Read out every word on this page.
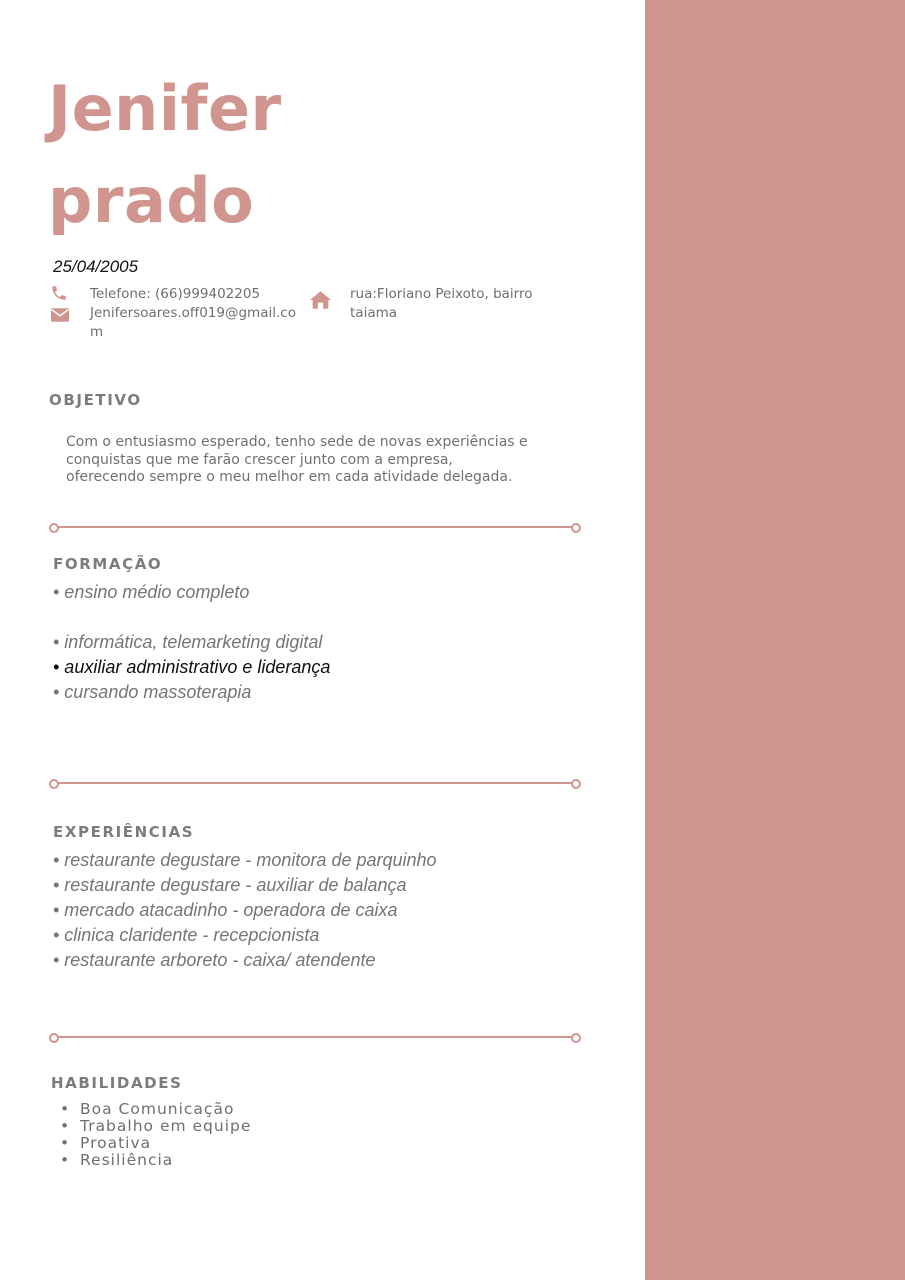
Jenifer
prado
25/04/2005
Telefone: (66)999402205
Jenifersoares.off019@gmail.com
rua:Floriano Peixoto, bairro taiama
OBJETIVO

Com o entusiasmo esperado, tenho sede de novas experiências e conquistas que me farão crescer junto com a empresa, oferecendo sempre o meu melhor em cada atividade delegada.

FORMAÇÃO
• ensino médio completo
• informática, telemarketing digital
• auxiliar administrativo e liderança
• cursando massoterapia
EXPERIÊNCIAS
• restaurante degustare - monitora de parquinho
• restaurante degustare - auxiliar de balança
• mercado atacadinho - operadora de caixa
• clinica claridente - recepcionista
• restaurante arboreto - caixa/ atendente
HABILIDADES
• Boa Comunicação
• Trabalho em equipe
• Proativa
• Resiliência
